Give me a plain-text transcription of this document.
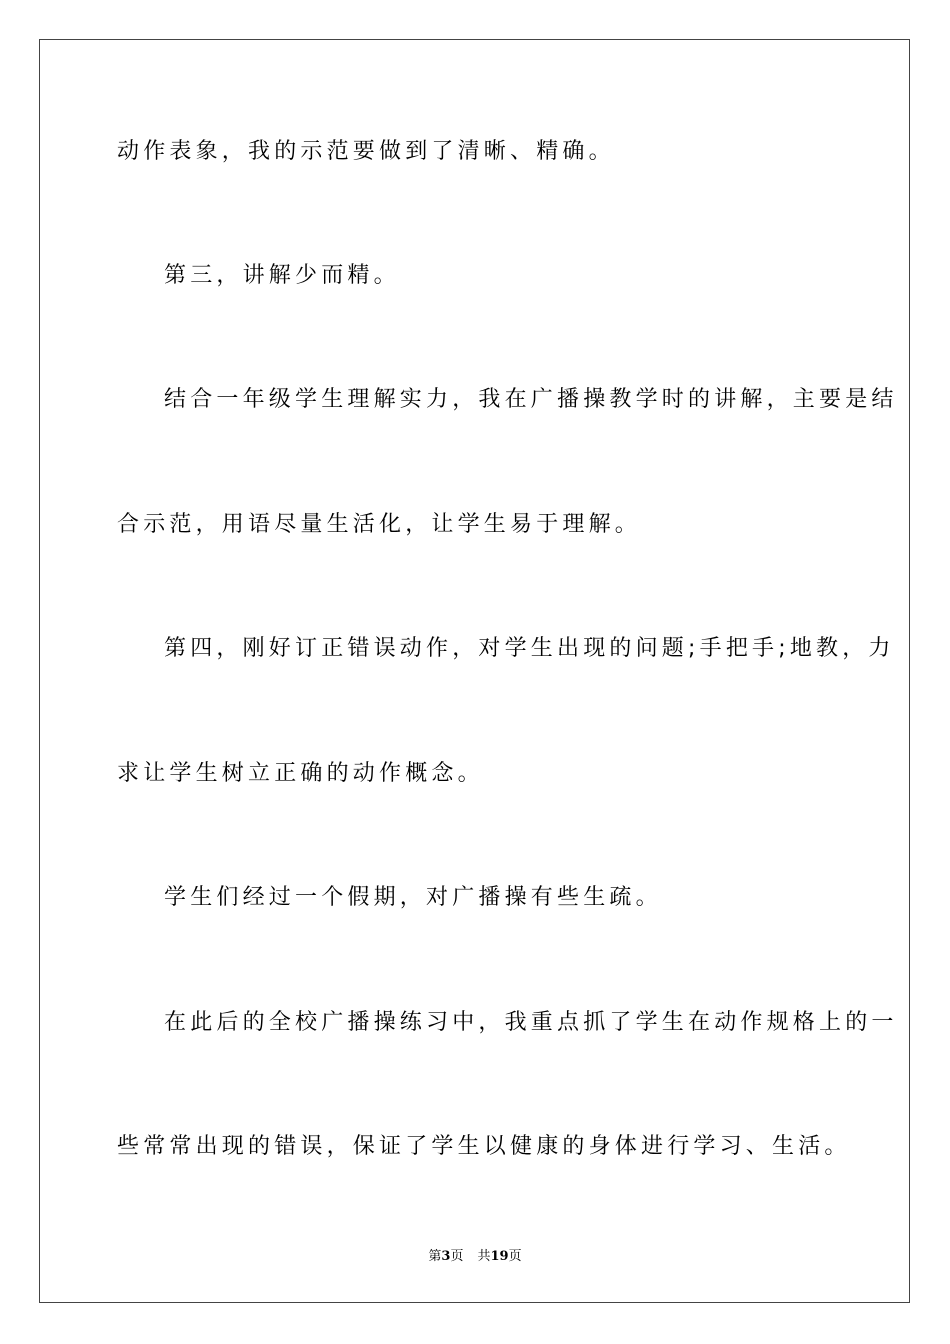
动作表象，我的示范要做到了清晰、精确。
第三，讲解少而精。
结合一年级学生理解实力，我在广播操教学时的讲解，主要是结
合示范，用语尽量生活化，让学生易于理解。
第四，刚好订正错误动作，对学生出现的问题;手把手;地教，力
求让学生树立正确的动作概念。
学生们经过一个假期，对广播操有些生疏。
在此后的全校广播操练习中，我重点抓了学生在动作规格上的一
些常常出现的错误，保证了学生以健康的身体进行学习、生活。
第3页 共19页
